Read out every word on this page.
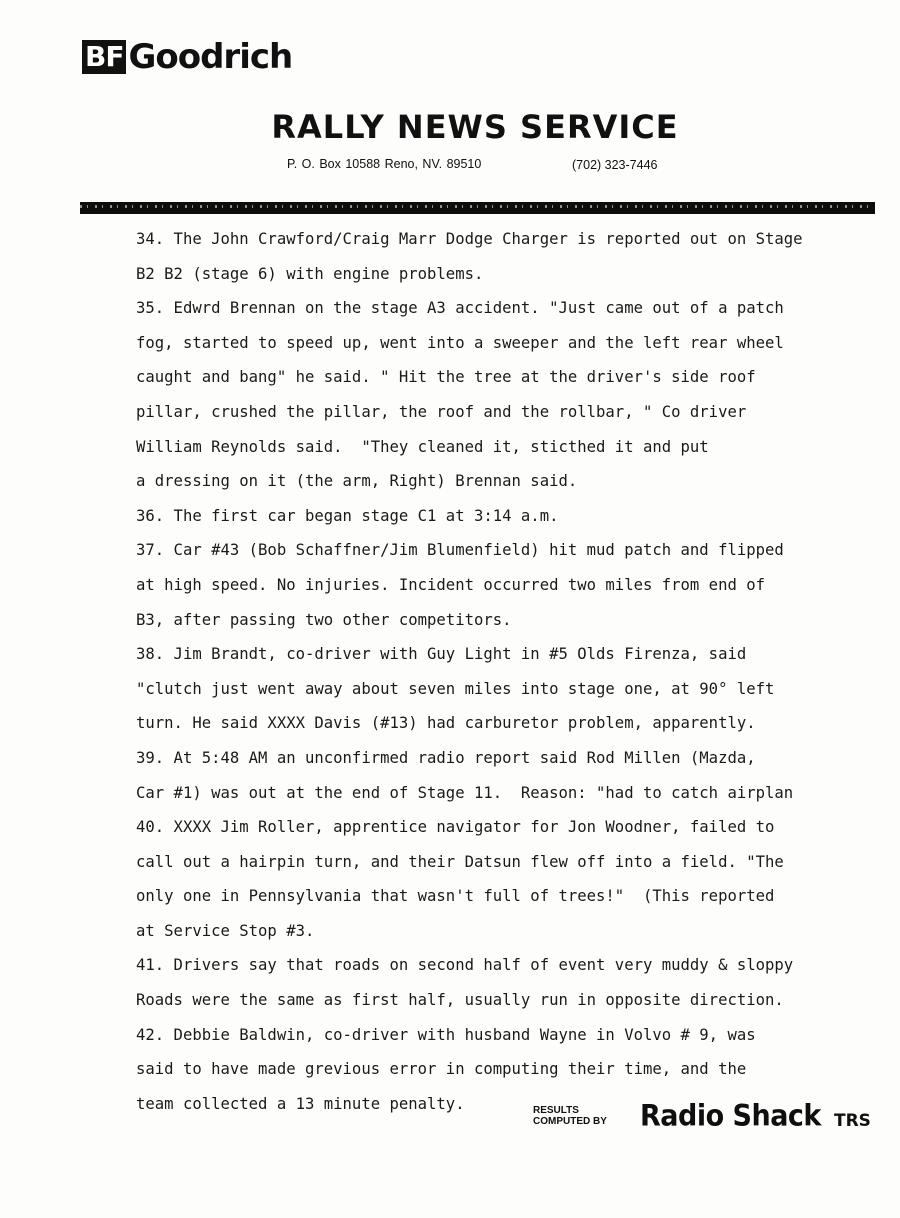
BF Goodrich
RALLY NEWS SERVICE
P. O. Box 10588 Reno, NV. 89510	(702) 323-7446
34. The John Crawford/Craig Marr Dodge Charger is reported out on Stage
B2 B2 (stage 6) with engine problems.
35. Edwrd Brennan on the stage A3 accident. "Just came out of a patch
fog, started to speed up, went into a sweeper and the left rear wheel
caught and bang" he said. " Hit the tree at the driver's side roof
pillar, crushed the pillar, the roof and the rollbar, " Co driver
William Reynolds said.  "They cleaned it, sticthed it and put
a dressing on it (the arm, Right) Brennan said.
36. The first car began stage C1 at 3:14 a.m.
37. Car #43 (Bob Schaffner/Jim Blumenfield) hit mud patch and flipped
at high speed. No injuries. Incident occurred two miles from end of
B3, after passing two other competitors.
38. Jim Brandt, co-driver with Guy Light in #5 Olds Firenza, said
"clutch just went away about seven miles into stage one, at 90° left
turn. He said XXXX Davis (#13) had carburetor problem, apparently.
39. At 5:48 AM an unconfirmed radio report said Rod Millen (Mazda,
Car #1) was out at the end of Stage 11.  Reason: "had to catch airplan
40. XXXX Jim Roller, apprentice navigator for Jon Woodner, failed to
call out a hairpin turn, and their Datsun flew off into a field. "The
only one in Pennsylvania that wasn't full of trees!"  (This reported
at Service Stop #3.
41. Drivers say that roads on second half of event very muddy & sloppy
Roads were the same as first half, usually run in opposite direction.
42. Debbie Baldwin, co-driver with husband Wayne in Volvo # 9, was
said to have made grevious error in computing their time, and the
team collected a 13 minute penalty.	RESULTS
COMPUTED BY Radio Shack TRS
